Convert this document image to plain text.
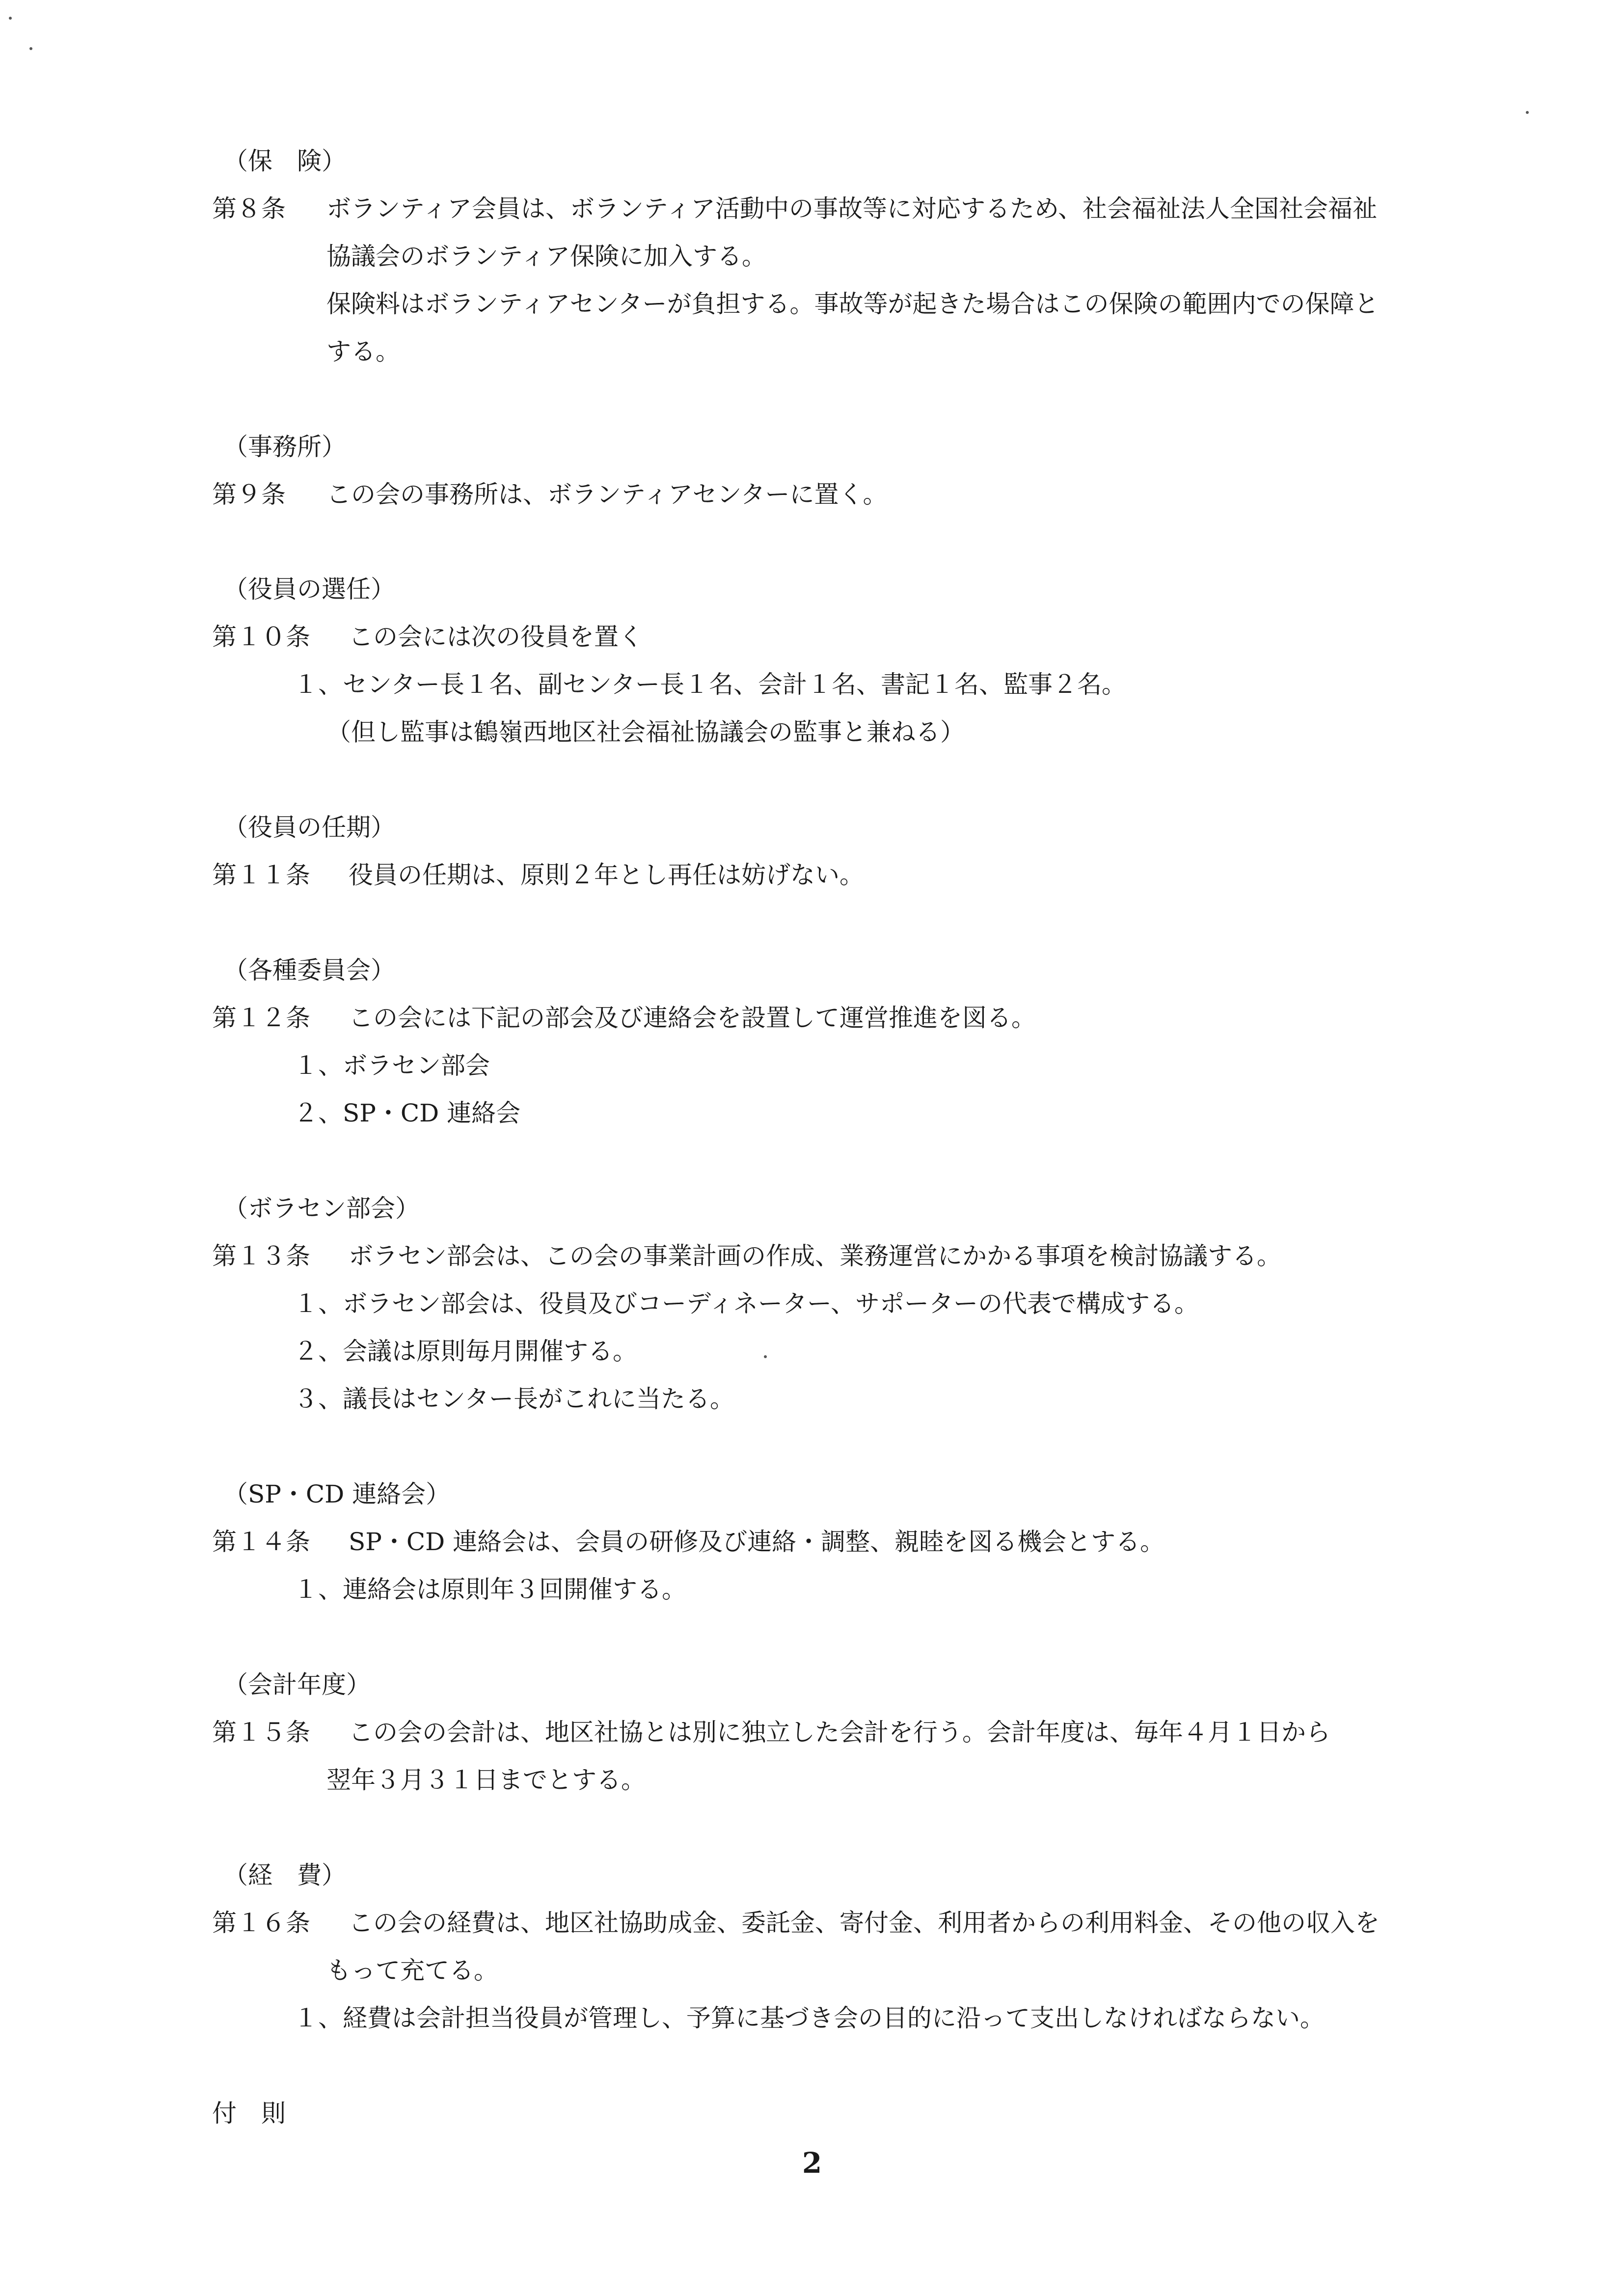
（保　険）

第８条 ボランティア会員は、ボランティア活動中の事故等に対応するため、社会福祉法人全国社会福祉

協議会のボランティア保険に加入する。

保険料はボランティアセンターが負担する。事故等が起きた場合はこの保険の範囲内での保障と

する。

（事務所）

第９条 この会の事務所は、ボランティアセンターに置く。

（役員の選任）

第１０条 この会には次の役員を置く

１、センター長１名、副センター長１名、会計１名、書記１名、監事２名。

（但し監事は鶴嶺西地区社会福祉協議会の監事と兼ねる）

（役員の任期）

第１１条 役員の任期は、原則２年とし再任は妨げない。

（各種委員会）

第１２条 この会には下記の部会及び連絡会を設置して運営推進を図る。

１、ボラセン部会

２、SP・CD 連絡会

（ボラセン部会）

第１３条 ボラセン部会は、この会の事業計画の作成、業務運営にかかる事項を検討協議する。

１、ボラセン部会は、役員及びコーディネーター、サポーターの代表で構成する。

２、会議は原則毎月開催する。

３、議長はセンター長がこれに当たる。

（SP・CD 連絡会）

第１４条 SP・CD 連絡会は、会員の研修及び連絡・調整、親睦を図る機会とする。

１、連絡会は原則年３回開催する。

（会計年度）

第１５条 この会の会計は、地区社協とは別に独立した会計を行う。会計年度は、毎年４月１日から

翌年３月３１日までとする。

（経　費）

第１６条 この会の経費は、地区社協助成金、委託金、寄付金、利用者からの利用料金、その他の収入を

もって充てる。

１、経費は会計担当役員が管理し、予算に基づき会の目的に沿って支出しなければならない。

付　則

2
